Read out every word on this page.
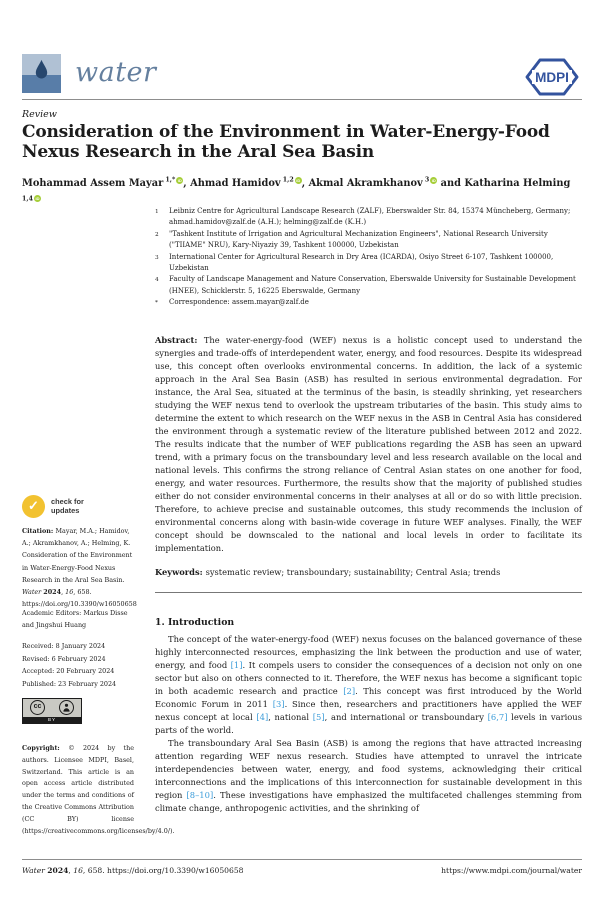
water	MDPI
Review
Consideration of the Environment in Water-Energy-Food Nexus Research in the Aral Sea Basin
Mohammad Assem Mayar $^{1,*}$ $^{iD}$ , Ahmad Hamidov $^{1,2}$ $^{iD}$ , Akmal Akramkhanov $^3$ $^{iD}$ and Katharina Helming $^{1,4}$ $^{iD}$
1	Leibniz Centre for Agricultural Landscape Research (ZALF), Eberswalder Str. 84, 15374 Müncheberg, Germany; ahmad.hamidov@zalf.de (A.H.); helming@zalf.de (K.H.)
2	"Tashkent Institute of Irrigation and Agricultural Mechanization Engineers", National Research University ("TIIAME" NRU), Kary-Niyaziy 39, Tashkent 100000, Uzbekistan
3	International Center for Agricultural Research in Dry Area (ICARDA), Osiyo Street 6-107, Tashkent 100000, Uzbekistan
4	Faculty of Landscape Management and Nature Conservation, Eberswalde University for Sustainable Development (HNEE), Schicklerstr. 5, 16225 Eberswalde, Germany
*	Correspondence: assem.mayar@zalf.de
Abstract: The water-energy-food (WEF) nexus is a holistic concept used to understand the synergies and trade-offs of interdependent water, energy, and food resources. Despite its widespread use, this concept often overlooks environmental concerns. In addition, the lack of a systemic approach in the Aral Sea Basin (ASB) has resulted in serious environmental degradation. For instance, the Aral Sea, situated at the terminus of the basin, is steadily shrinking, yet researchers studying the WEF nexus tend to overlook the upstream tributaries of the basin. This study aims to determine the extent to which research on the WEF nexus in the ASB in Central Asia has considered the environment through a systematic review of the literature published between 2012 and 2022. The results indicate that the number of WEF publications regarding the ASB has seen an upward trend, with a primary focus on the transboundary level and less research available on the local and national levels. This confirms the strong reliance of Central Asian states on one another for food, energy, and water resources. Furthermore, the results show that the majority of published studies either do not consider environmental concerns in their analyses at all or do so with little precision. Therefore, to achieve precise and sustainable outcomes, this study recommends the inclusion of environmental concerns along with basin-wide coverage in future WEF analyses. Finally, the WEF concept should be downscaled to the national and local levels in order to facilitate its implementation.
Keywords: systematic review; transboundary; sustainability; Central Asia; trends
1. Introduction

The concept of the water-energy-food (WEF) nexus focuses on the balanced governance of these highly interconnected resources, emphasizing the link between the production and use of water, energy, and food [1]. It compels users to consider the consequences of a decision not only on one sector but also on others connected to it. Therefore, the WEF nexus has become a significant topic in both academic research and practice [2]. This concept was first introduced by the World Economic Forum in 2011 [3]. Since then, researchers and practitioners have applied the WEF nexus concept at local [4], national [5], and international or transboundary [6,7] levels in various parts of the world.

The transboundary Aral Sea Basin (ASB) is among the regions that have attracted increasing attention regarding WEF nexus research. Studies have attempted to unravel the intricate interdependencies between water, energy, and food systems, acknowledging their critical interconnections and the implications of this interconnection for sustainable development in this region [8–10]. These investigations have emphasized the multifaceted challenges stemming from climate change, anthropogenic activities, and the shrinking of

✓	check for
updates
Citation: Mayar, M.A.; Hamidov, A.; Akramkhanov, A.; Helming, K. Consideration of the Environment in Water-Energy-Food Nexus Research in the Aral Sea Basin. Water 2024, 16, 658. https://doi.org/10.3390/w16050658
Academic Editors: Markus Disse and Jingshui Huang
Received: 8 January 2024
Revised: 6 February 2024
Accepted: 20 February 2024
Published: 23 February 2024
cc
BY
Copyright: © 2024 by the authors. Licensee MDPI, Basel, Switzerland. This article is an open access article distributed under the terms and conditions of the Creative Commons Attribution (CC BY) license (https://creativecommons.org/licenses/by/4.0/).
Water 2024, 16, 658. https://doi.org/10.3390/w16050658	https://www.mdpi.com/journal/water
